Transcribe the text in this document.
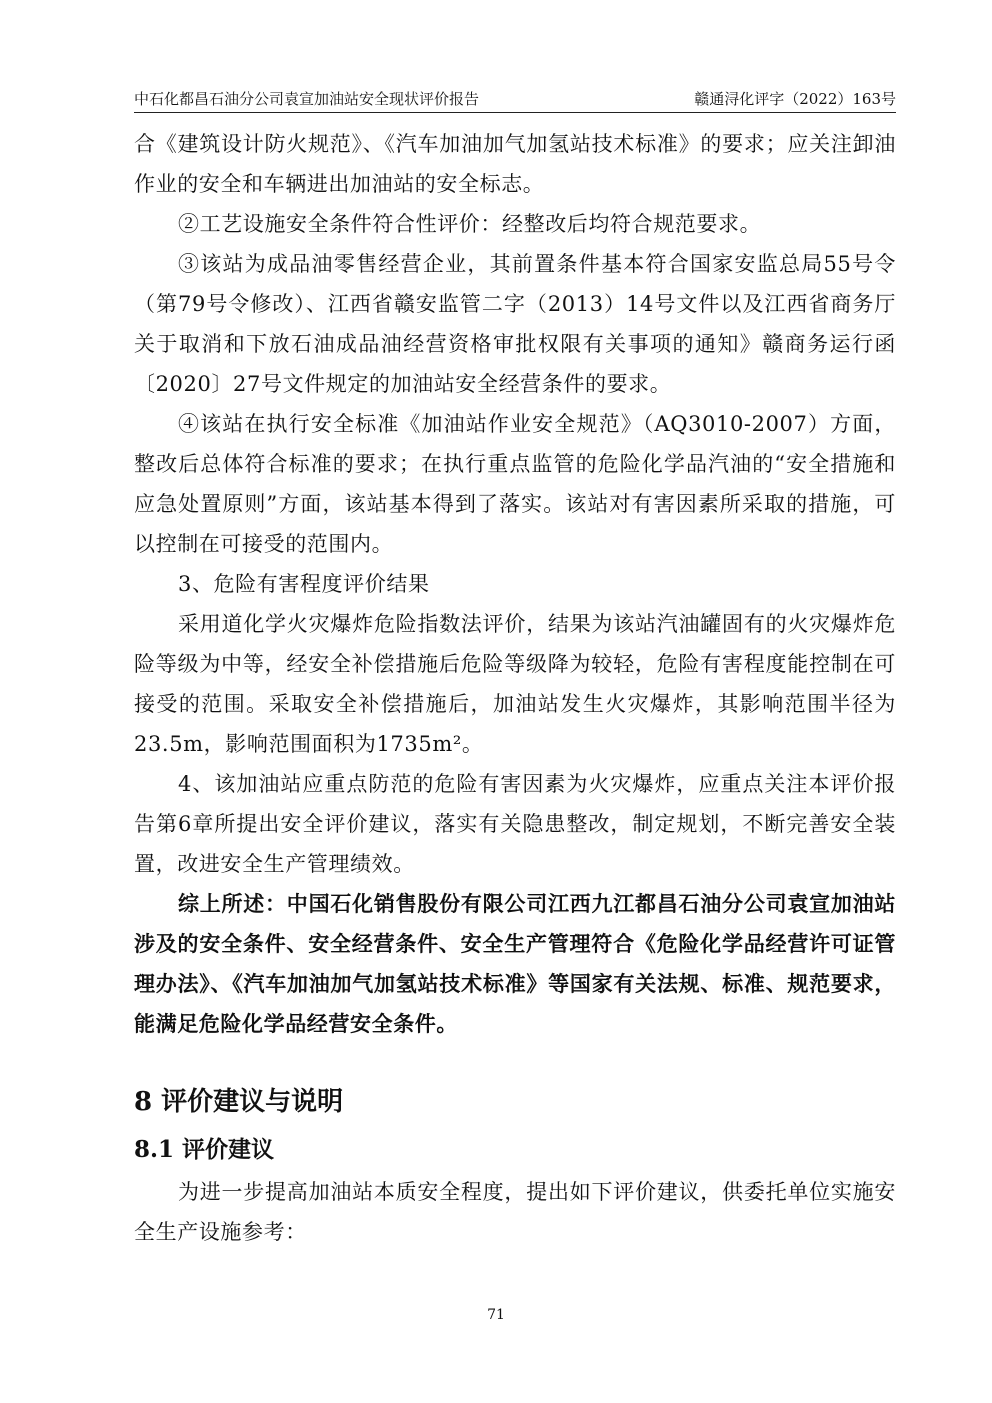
中石化都昌石油分公司袁宣加油站安全现状评价报告	赣通浔化评字（2022）163号

合《建筑设计防火规范》、《汽车加油加气加氢站技术标准》的要求；应关注卸油作业的安全和车辆进出加油站的安全标志。

②工艺设施安全条件符合性评价：经整改后均符合规范要求。

③该站为成品油零售经营企业，其前置条件基本符合国家安监总局55号令（第79号令修改）、江西省赣安监管二字（2013）14号文件以及江西省商务厅关于取消和下放石油成品油经营资格审批权限有关事项的通知》赣商务运行函〔2020〕27号文件规定的加油站安全经营条件的要求。

④该站在执行安全标准《加油站作业安全规范》（AQ3010-2007）方面，整改后总体符合标准的要求；在执行重点监管的危险化学品汽油的“安全措施和应急处置原则”方面，该站基本得到了落实。该站对有害因素所采取的措施，可以控制在可接受的范围内。

3、危险有害程度评价结果

采用道化学火灾爆炸危险指数法评价，结果为该站汽油罐固有的火灾爆炸危险等级为中等，经安全补偿措施后危险等级降为较轻，危险有害程度能控制在可接受的范围。采取安全补偿措施后，加油站发生火灾爆炸，其影响范围半径为23.5m，影响范围面积为1735m²。

4、该加油站应重点防范的危险有害因素为火灾爆炸，应重点关注本评价报告第6章所提出安全评价建议，落实有关隐患整改，制定规划，不断完善安全装置，改进安全生产管理绩效。

综上所述：中国石化销售股份有限公司江西九江都昌石油分公司袁宣加油站涉及的安全条件、安全经营条件、安全生产管理符合《危险化学品经营许可证管理办法》、《汽车加油加气加氢站技术标准》等国家有关法规、标准、规范要求，能满足危险化学品经营安全条件。

8 评价建议与说明
8.1 评价建议

为进一步提高加油站本质安全程度，提出如下评价建议，供委托单位实施安全生产设施参考：

71
